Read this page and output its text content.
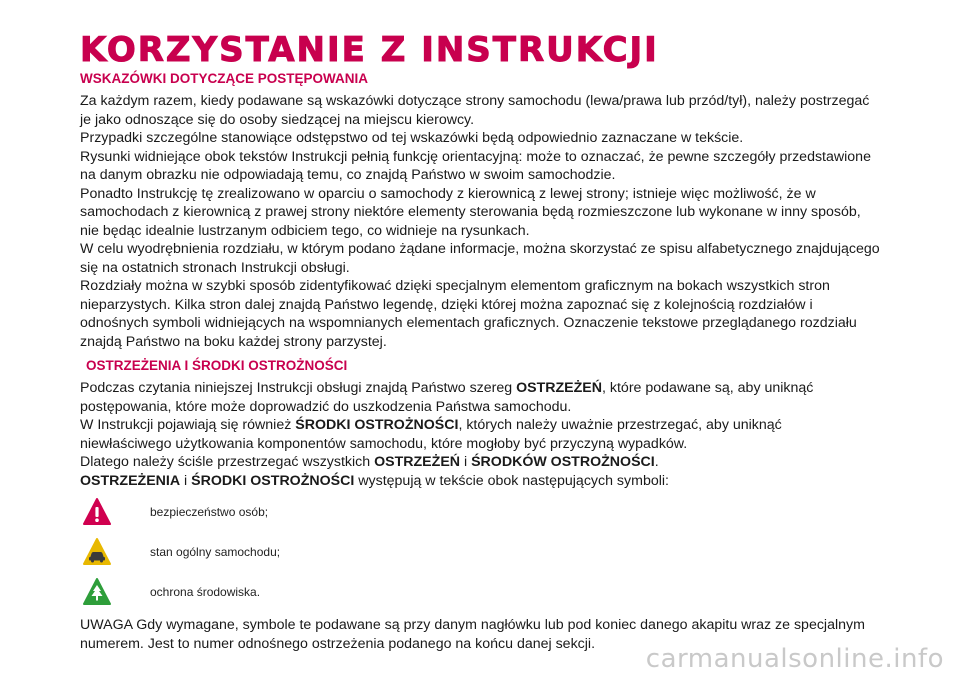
KORZYSTANIE Z INSTRUKCJI
WSKAZÓWKI DOTYCZĄCE POSTĘPOWANIA

Za każdym razem, kiedy podawane są wskazówki dotyczące strony samochodu (lewa/prawa lub przód/tył), należy postrzegać

je jako odnoszące się do osoby siedzącej na miejscu kierowcy.

Przypadki szczególne stanowiące odstępstwo od tej wskazówki będą odpowiednio zaznaczane w tekście.

Rysunki widniejące obok tekstów Instrukcji pełnią funkcję orientacyjną: może to oznaczać, że pewne szczegóły przedstawione

na danym obrazku nie odpowiadają temu, co znajdą Państwo w swoim samochodzie.

Ponadto Instrukcję tę zrealizowano w oparciu o samochody z kierownicą z lewej strony; istnieje więc możliwość, że w

samochodach z kierownicą z prawej strony niektóre elementy sterowania będą rozmieszczone lub wykonane w inny sposób,

nie będąc idealnie lustrzanym odbiciem tego, co widnieje na rysunkach.

W celu wyodrębnienia rozdziału, w którym podano żądane informacje, można skorzystać ze spisu alfabetycznego znajdującego

się na ostatnich stronach Instrukcji obsługi.

Rozdziały można w szybki sposób zidentyfikować dzięki specjalnym elementom graficznym na bokach wszystkich stron

nieparzystych. Kilka stron dalej znajdą Państwo legendę, dzięki której można zapoznać się z kolejnością rozdziałów i

odnośnych symboli widniejących na wspomnianych elementach graficznych. Oznaczenie tekstowe przeglądanego rozdziału

znajdą Państwo na boku każdej strony parzystej.

OSTRZEŻENIA I ŚRODKI OSTROŻNOŚCI

Podczas czytania niniejszej Instrukcji obsługi znajdą Państwo szereg OSTRZEŻEŃ, które podawane są, aby uniknąć

postępowania, które może doprowadzić do uszkodzenia Państwa samochodu.

W Instrukcji pojawiają się również ŚRODKI OSTROŻNOŚCI, których należy uważnie przestrzegać, aby uniknąć

niewłaściwego użytkowania komponentów samochodu, które mogłoby być przyczyną wypadków.

Dlatego należy ściśle przestrzegać wszystkich OSTRZEŻEŃ i ŚRODKÓW OSTROŻNOŚCI.

OSTRZEŻENIA i ŚRODKI OSTROŻNOŚCI występują w tekście obok następujących symboli:

bezpieczeństwo osób;
stan ogólny samochodu;
ochrona środowiska.

UWAGA Gdy wymagane, symbole te podawane są przy danym nagłówku lub pod koniec danego akapitu wraz ze specjalnym

numerem. Jest to numer odnośnego ostrzeżenia podanego na końcu danej sekcji.

carmanualsonline.info
